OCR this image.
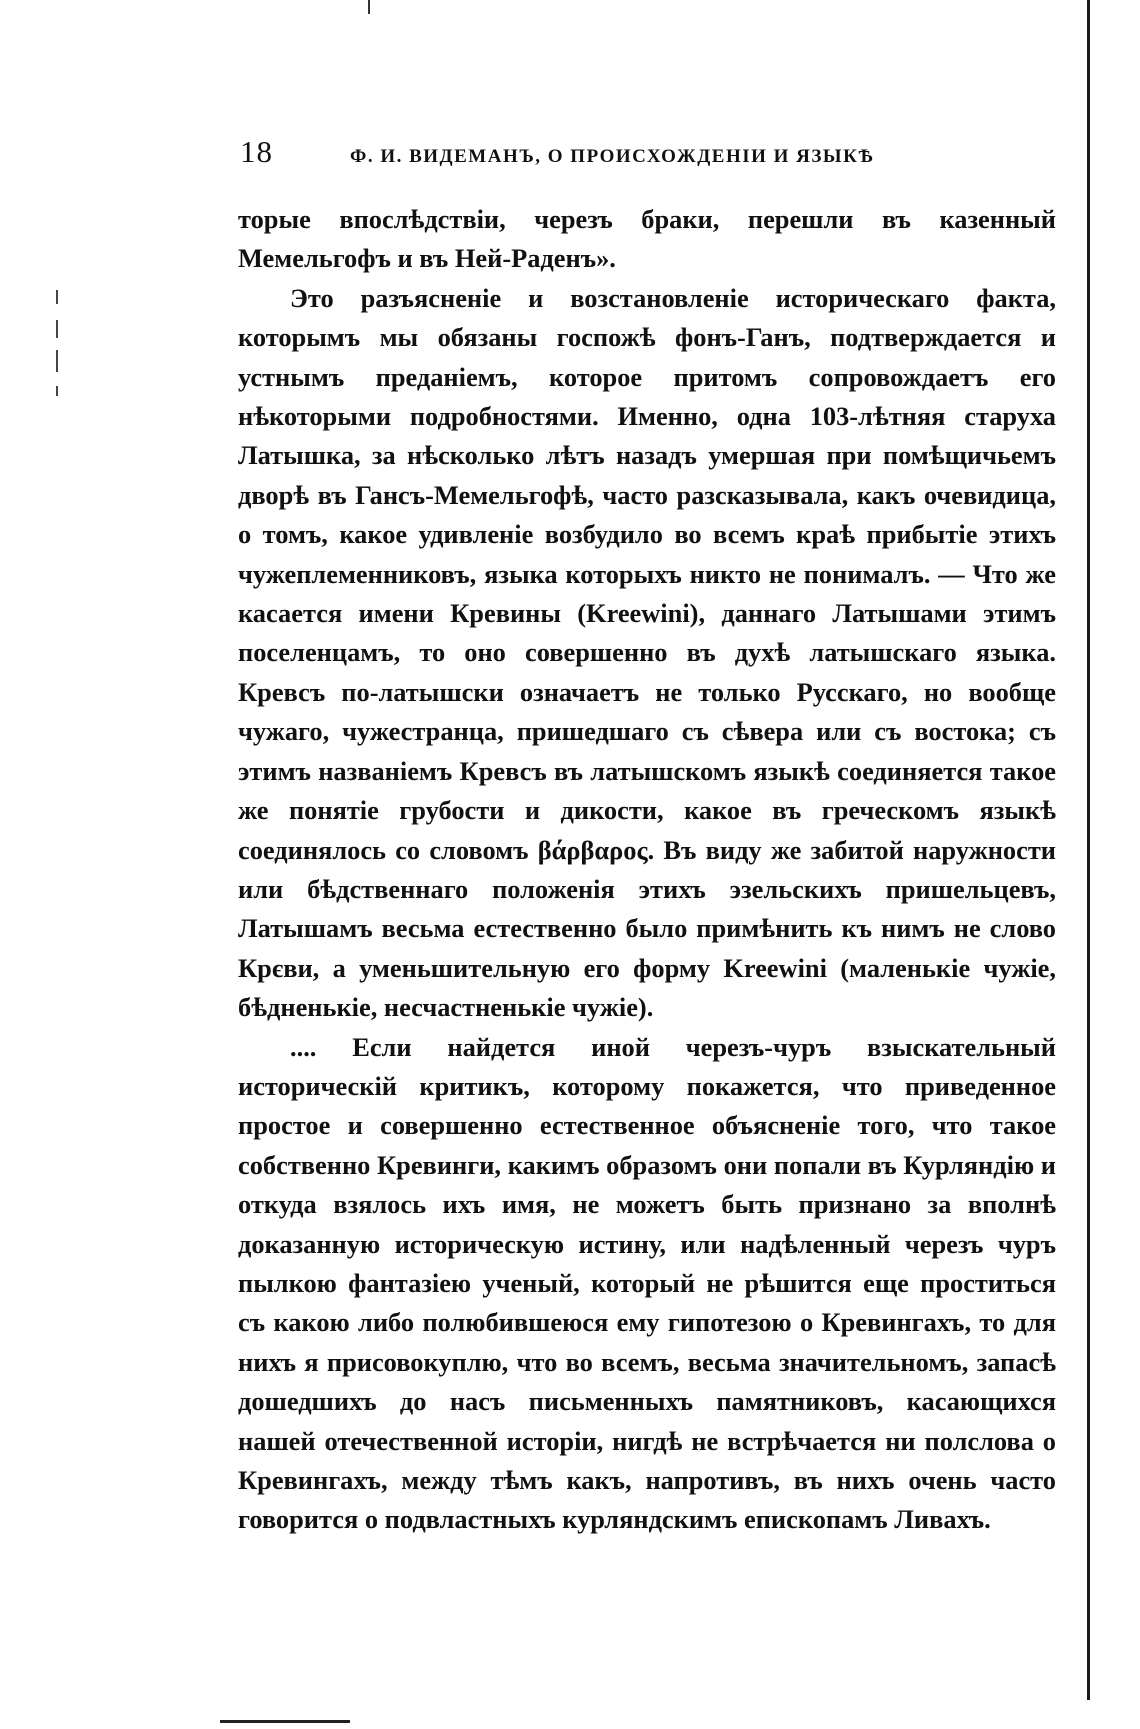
18	Ф. И. ВИДЕМАНЪ, О ПРОИСХОЖДЕНІИ И ЯЗЫКѢ

торые впослѣдствіи, черезъ браки, перешли въ казенный Мемельгофъ и въ Ней-Раденъ».

Это разъясненіе и возстановленіе историческаго факта, которымъ мы обязаны госпожѣ фонъ-Ганъ, подтверждается и устнымъ преданіемъ, которое притомъ сопровождаетъ его нѣкоторыми подробностями. Именно, одна 103-лѣтняя старуха Латышка, за нѣсколько лѣтъ назадъ умершая при помѣщичьемъ дворѣ въ Гансъ-Мемельгофѣ, часто разсказывала, какъ очевидица, о томъ, какое удивленіе возбудило во всемъ краѣ прибытіе этихъ чужеплеменниковъ, языка которыхъ никто не понималъ. — Что же касается имени Кревины (Kreewini), даннаго Латышами этимъ поселенцамъ, то оно совершенно въ духѣ латышскаго языка. Кревсъ по-латышски означаетъ не только Русскаго, но вообще чужаго, чужестранца, пришедшаго съ сѣвера или съ востока; съ этимъ названіемъ Кревсъ въ латышскомъ языкѣ соединяется такое же понятіе грубости и дикости, какое въ греческомъ языкѣ соединялось со словомъ βάρβαρος. Въ виду же забитой наружности или бѣдственнаго положенія этихъ эзельскихъ пришельцевъ, Латышамъ весьма естественно было примѣнить къ нимъ не слово Крєви, а уменьшительную его форму Kreewini (маленькіе чужіе, бѣдненькіе, несчастненькіе чужіе).

.... Если найдется иной черезъ-чуръ взыскательный историческій критикъ, которому покажется, что приведенное простое и совершенно естественное объясненіе того, что такое собственно Кревинги, какимъ образомъ они попали въ Курляндію и откуда взялось ихъ имя, не можетъ быть признано за вполнѣ доказанную историческую истину, или надѣленный черезъ чуръ пылкою фантазіею ученый, который не рѣшится еще проститься съ какою либо полюбившеюся ему гипотезою о Кревингахъ, то для нихъ я присовокуплю, что во всемъ, весьма значительномъ, запасѣ дошедшихъ до насъ письменныхъ памятниковъ, касающихся нашей отечественной исторіи, нигдѣ не встрѣчается ни полслова о Кревингахъ, между тѣмъ какъ, напротивъ, въ нихъ очень часто говорится о подвластныхъ курляндскимъ епископамъ Ливахъ.
